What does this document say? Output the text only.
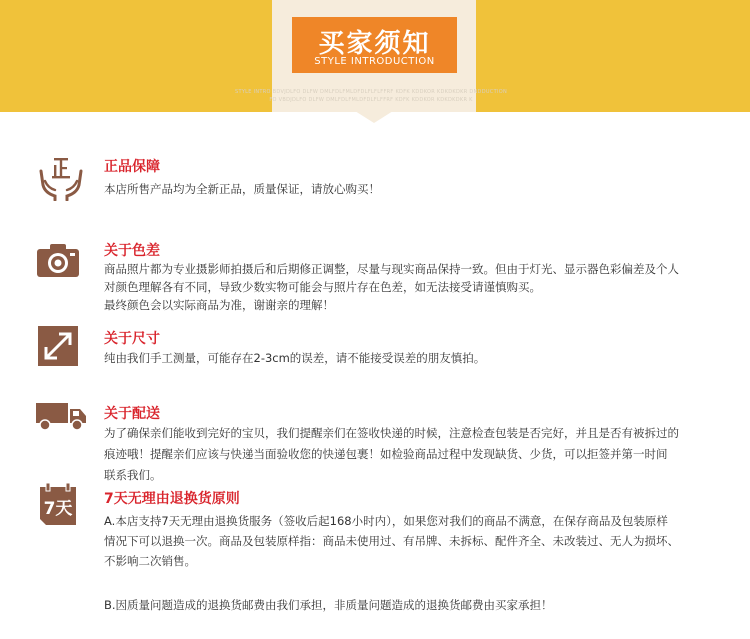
买家须知
STYLE INTRODUCTION
STYLE INTRO BDVJDLFO DLFW DMLFDLFMLDFDLFLFLFFRF KDFK KDDKOR KDKDKDKR DNDDUCTION
FO VBDJDLFO DLFW DMLFDLFMLDFDLFLFFRF KDFK KDDKOR KDKDKDKR K
正品保障

本店所售产品均为全新正品，质量保证，请放心购买！

关于色差

商品照片都为专业摄影师拍摄后和后期修正调整，尽量与现实商品保持一致。但由于灯光、显示器色彩偏差及个人

对颜色理解各有不同，导致少数实物可能会与照片存在色差，如无法接受请谨慎购买。

最终颜色会以实际商品为准，谢谢亲的理解！

关于尺寸

纯由我们手工测量，可能存在2-3cm的误差，请不能接受误差的朋友慎拍。

关于配送

为了确保亲们能收到完好的宝贝，我们提醒亲们在签收快递的时候，注意检查包装是否完好，并且是否有被拆过的

痕迹哦！提醒亲们应该与快递当面验收您的快递包裹！如检验商品过程中发现缺货、少货，可以拒签并第一时间

联系我们。

7天 7天无理由退换货原则

A.本店支持7天无理由退换货服务（签收后起168小时内），如果您对我们的商品不满意，在保存商品及包装原样

情况下可以退换一次。商品及包装原样指：商品未使用过、有吊牌、未拆标、配件齐全、未改装过、无人为损坏、

不影响二次销售。

B.因质量问题造成的退换货邮费由我们承担，非质量问题造成的退换货邮费由买家承担！
